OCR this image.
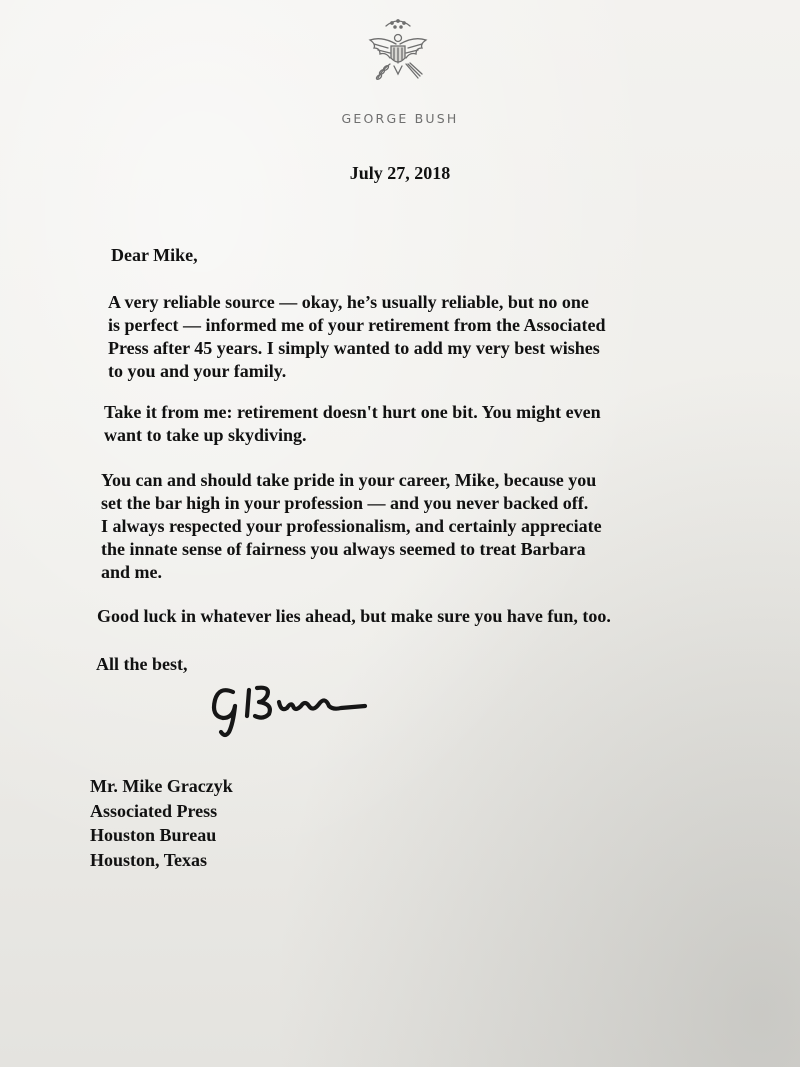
GEORGE BUSH
July 27, 2018
Dear Mike,
A very reliable source — okay, he’s usually reliable, but no one
is perfect — informed me of your retirement from the Associated
Press after 45 years. I simply wanted to add my very best wishes
to you and your family.
Take it from me: retirement doesn't hurt one bit. You might even
want to take up skydiving.
You can and should take pride in your career, Mike, because you
set the bar high in your profession — and you never backed off.
I always respected your professionalism, and certainly appreciate
the innate sense of fairness you always seemed to treat Barbara
and me.
Good luck in whatever lies ahead, but make sure you have fun, too.
All the best,
Mr. Mike Graczyk
Associated Press
Houston Bureau
Houston, Texas
